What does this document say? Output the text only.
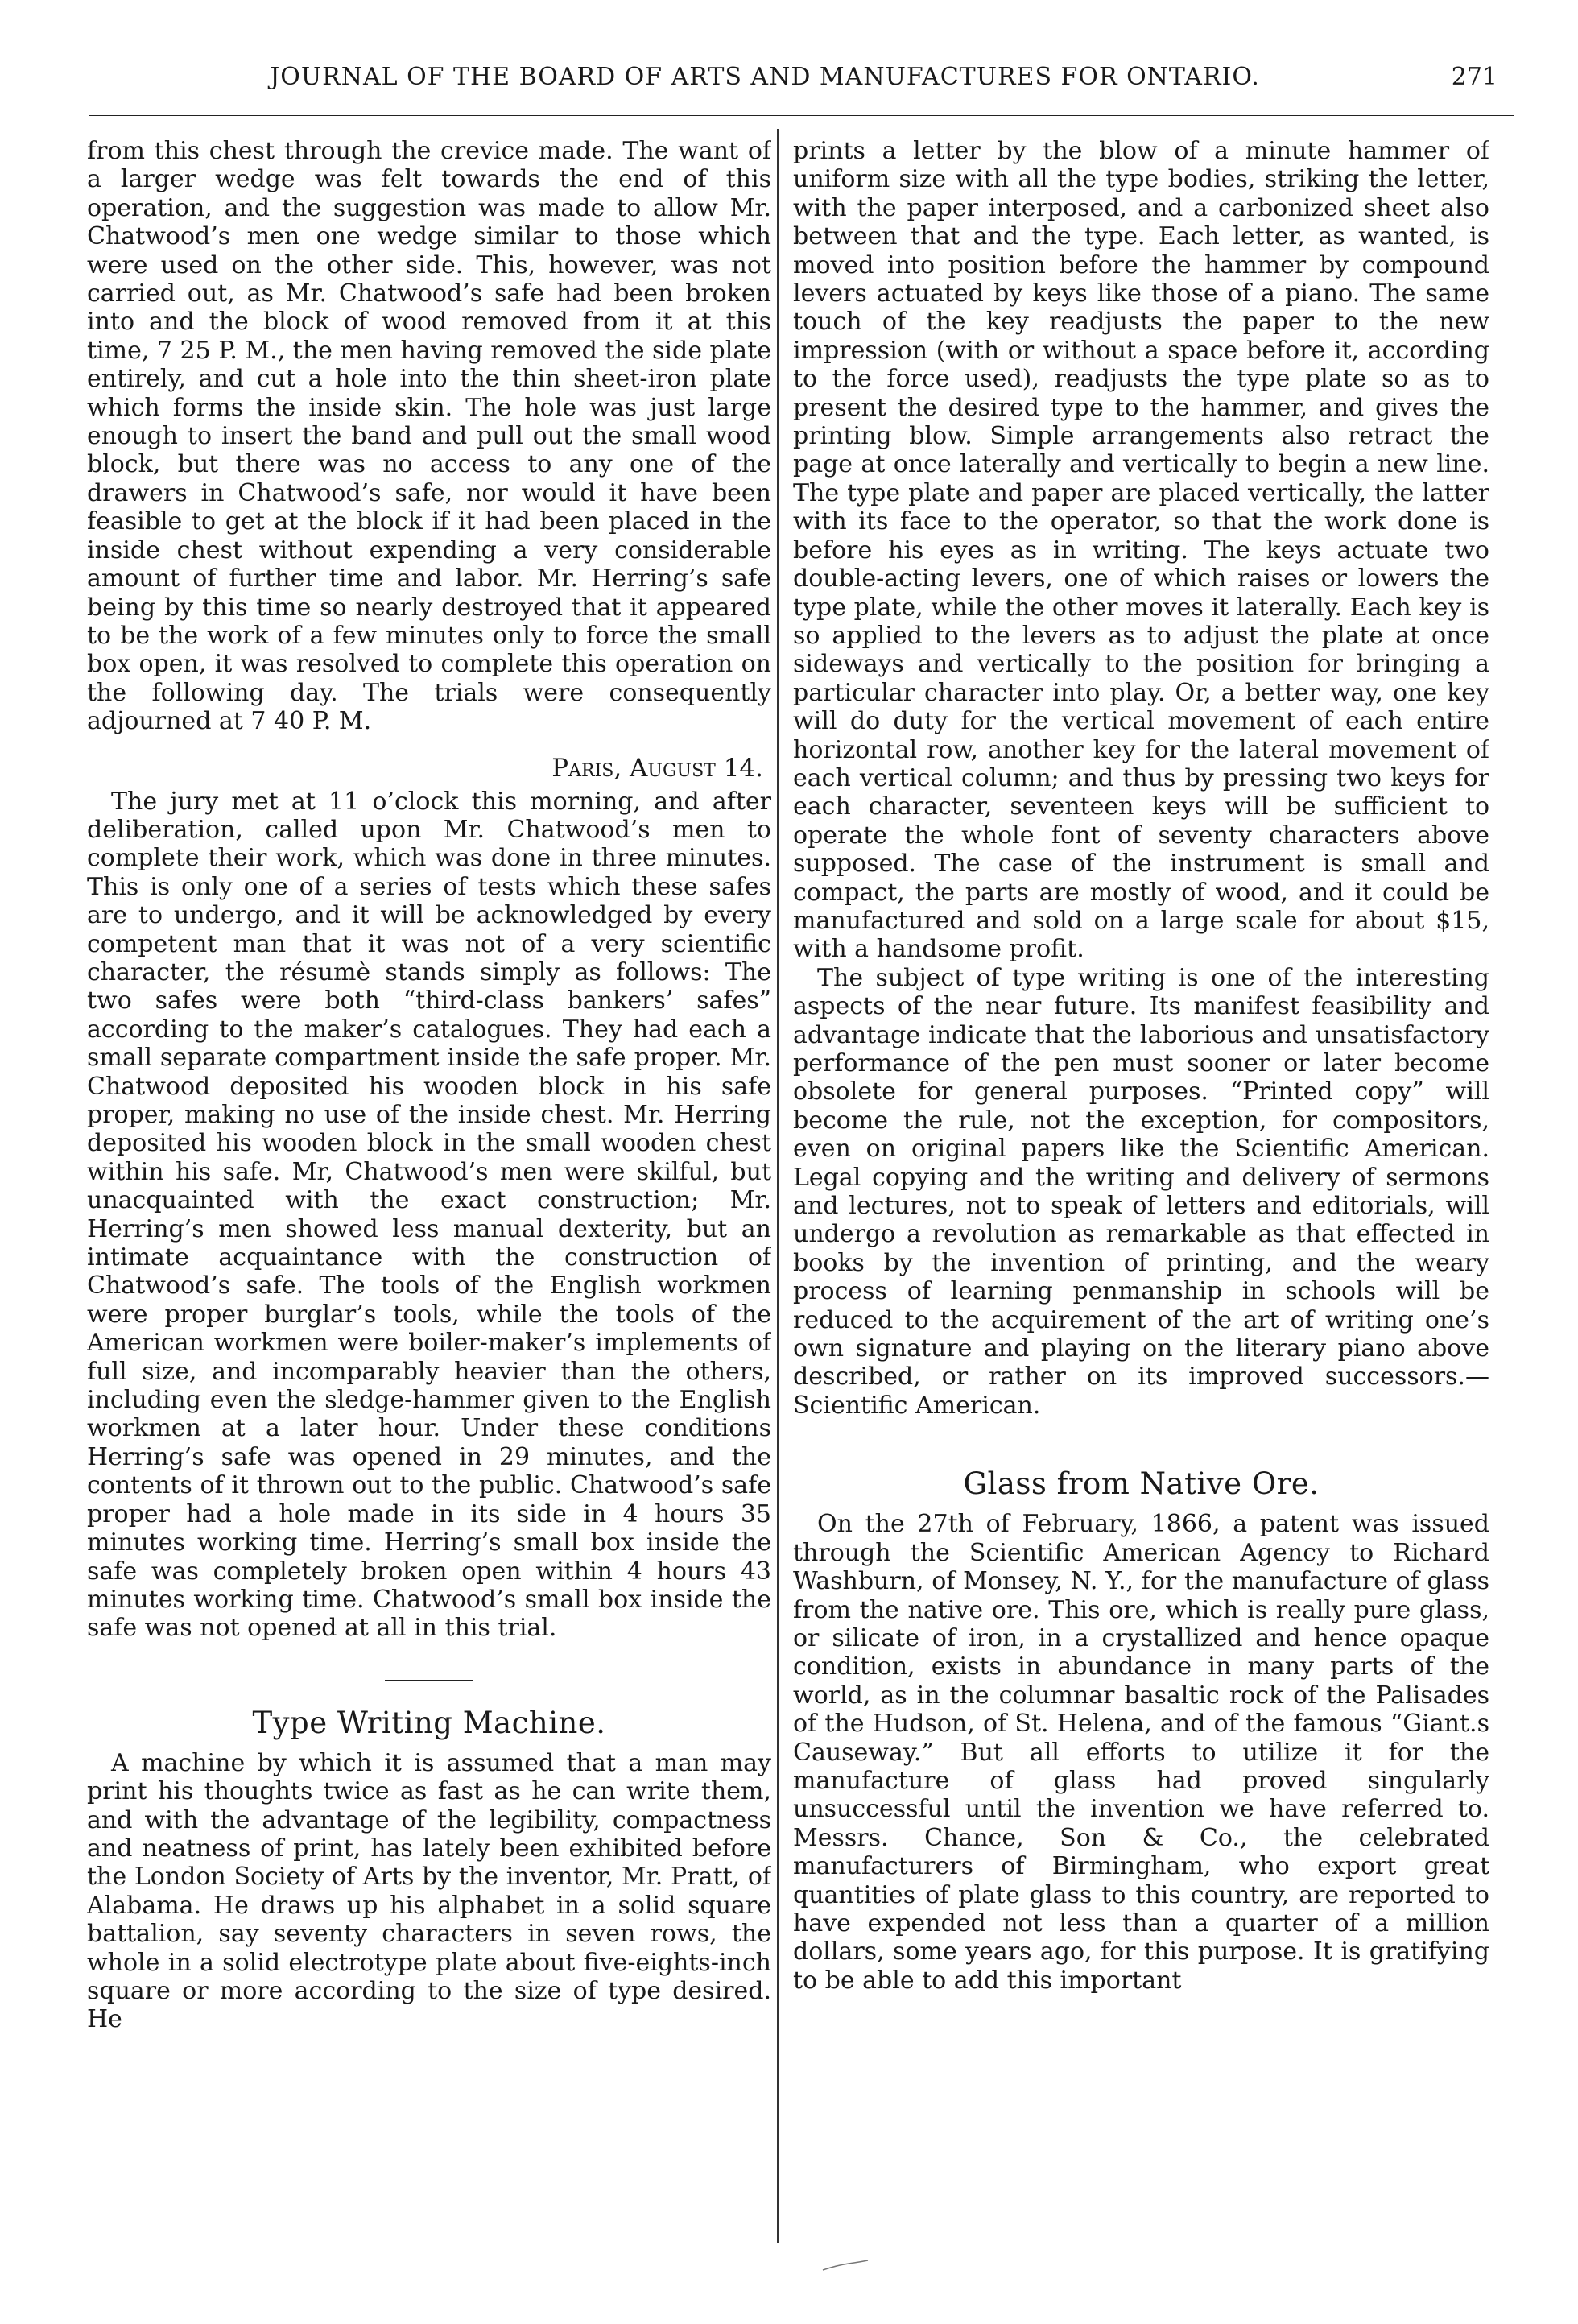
JOURNAL OF THE BOARD OF ARTS AND MANUFACTURES FOR ONTARIO.	271

from this chest through the crevice made. The want of a larger wedge was felt towards the end of this operation, and the suggestion was made to allow Mr. Chatwood’s men one wedge similar to those which were used on the other side. This, however, was not carried out, as Mr. Chatwood’s safe had been broken into and the block of wood removed from it at this time, 7 25 P. M., the men having removed the side plate entirely, and cut a hole into the thin sheet-iron plate which forms the inside skin. The hole was just large enough to insert the band and pull out the small wood block, but there was no access to any one of the drawers in Chatwood’s safe, nor would it have been feasible to get at the block if it had been placed in the inside chest without expending a very considerable amount of further time and labor. Mr. Herring’s safe being by this time so nearly destroyed that it appeared to be the work of a few minutes only to force the small box open, it was resolved to complete this operation on the following day. The trials were consequently adjourned at 7 40 P. M.

Paris, August 14.

The jury met at 11 o’clock this morning, and after deliberation, called upon Mr. Chatwood’s men to complete their work, which was done in three minutes. This is only one of a series of tests which these safes are to undergo, and it will be acknowledged by every competent man that it was not of a very scientific character, the résumè stands simply as follows: The two safes were both “third-class bankers’ safes” according to the maker’s catalogues. They had each a small separate compartment inside the safe proper. Mr. Chatwood deposited his wooden block in his safe proper, making no use of the inside chest. Mr. Herring deposited his wooden block in the small wooden chest within his safe. Mr, Chatwood’s men were skilful, but unacquainted with the exact construction; Mr. Herring’s men showed less manual dexterity, but an intimate acquaintance with the construction of Chatwood’s safe. The tools of the English workmen were proper burglar’s tools, while the tools of the American workmen were boiler-maker’s implements of full size, and incomparably heavier than the others, including even the sledge-hammer given to the English workmen at a later hour. Under these conditions Herring’s safe was opened in 29 minutes, and the contents of it thrown out to the public. Chatwood’s safe proper had a hole made in its side in 4 hours 35 minutes working time. Herring’s small box inside the safe was completely broken open within 4 hours 43 minutes working time. Chatwood’s small box inside the safe was not opened at all in this trial.

Type Writing Machine.

A machine by which it is assumed that a man may print his thoughts twice as fast as he can write them, and with the advantage of the legibility, compactness and neatness of print, has lately been exhibited before the London Society of Arts by the inventor, Mr. Pratt, of Alabama. He draws up his alphabet in a solid square battalion, say seventy characters in seven rows, the whole in a solid electrotype plate about five-eights-inch square or more according to the size of type desired. He

prints a letter by the blow of a minute hammer of uniform size with all the type bodies, striking the letter, with the paper interposed, and a carbonized sheet also between that and the type. Each letter, as wanted, is moved into position before the hammer by compound levers actuated by keys like those of a piano. The same touch of the key readjusts the paper to the new impression (with or without a space before it, according to the force used), readjusts the type plate so as to present the desired type to the hammer, and gives the printing blow. Simple arrangements also retract the page at once laterally and vertically to begin a new line. The type plate and paper are placed vertically, the latter with its face to the operator, so that the work done is before his eyes as in writing. The keys actuate two double-acting levers, one of which raises or lowers the type plate, while the other moves it laterally. Each key is so applied to the levers as to adjust the plate at once sideways and vertically to the position for bringing a particular character into play. Or, a better way, one key will do duty for the vertical movement of each entire horizontal row, another key for the lateral movement of each vertical column; and thus by pressing two keys for each character, seventeen keys will be sufficient to operate the whole font of seventy characters above supposed. The case of the instrument is small and compact, the parts are mostly of wood, and it could be manufactured and sold on a large scale for about $15, with a handsome profit.

The subject of type writing is one of the interesting aspects of the near future. Its manifest feasibility and advantage indicate that the laborious and unsatisfactory performance of the pen must sooner or later become obsolete for general purposes. “Printed copy” will become the rule, not the exception, for compositors, even on original papers like the Scientific American. Legal copying and the writing and delivery of sermons and lectures, not to speak of letters and editorials, will undergo a revolution as remarkable as that effected in books by the invention of printing, and the weary process of learning penmanship in schools will be reduced to the acquirement of the art of writing one’s own signature and playing on the literary piano above described, or rather on its improved successors.—Scientific American.

Glass from Native Ore.

On the 27th of February, 1866, a patent was issued through the Scientific American Agency to Richard Washburn, of Monsey, N. Y., for the manufacture of glass from the native ore. This ore, which is really pure glass, or silicate of iron, in a crystallized and hence opaque condition, exists in abundance in many parts of the world, as in the columnar basaltic rock of the Palisades of the Hudson, of St. Helena, and of the famous “Giant.s Causeway.” But all efforts to utilize it for the manufacture of glass had proved singularly unsuccessful until the invention we have referred to. Messrs. Chance, Son & Co., the celebrated manufacturers of Birmingham, who export great quantities of plate glass to this country, are reported to have expended not less than a quarter of a million dollars, some years ago, for this purpose. It is gratifying to be able to add this important
